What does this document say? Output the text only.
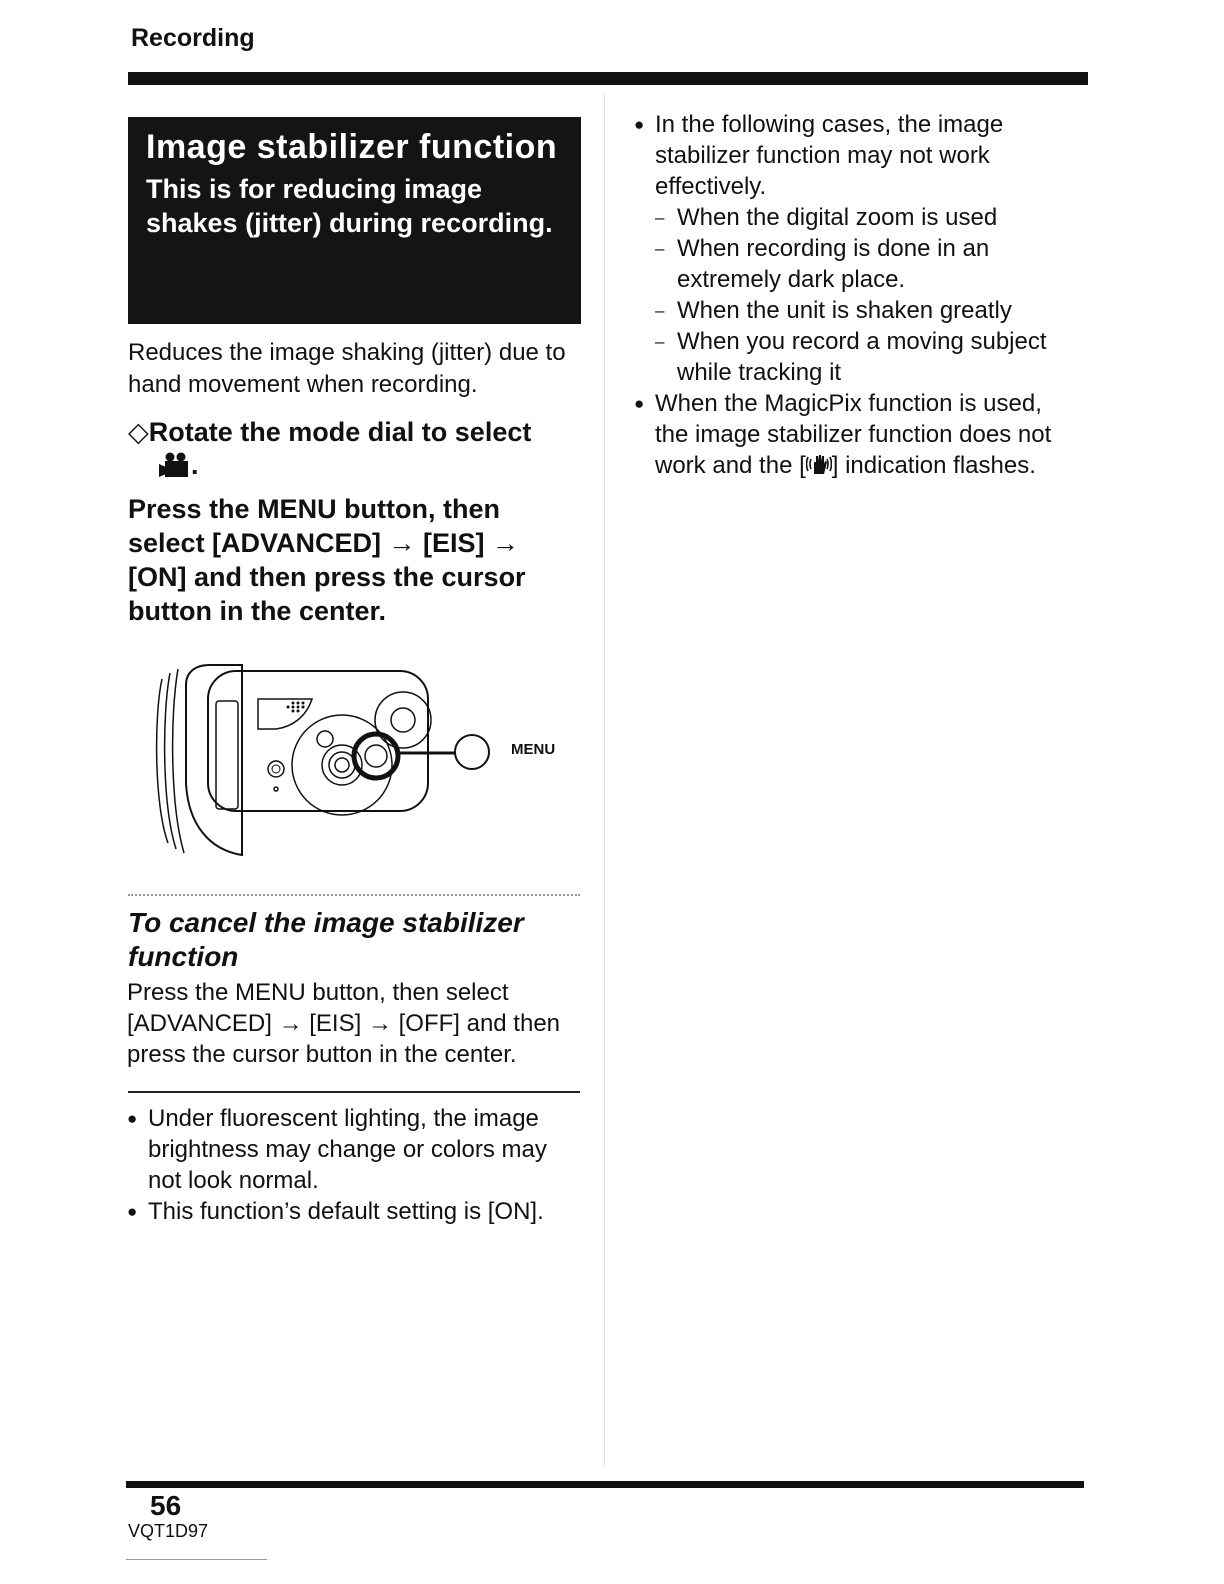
Recording
Image stabilizer function
This is for reducing image shakes (jitter) during recording.
Reduces the image shaking (jitter) due to hand movement when recording.
◇Rotate the mode dial to select
.
Press the MENU button, then select [ADVANCED] → [EIS] → [ON] and then press the cursor button in the center.
MENU
To cancel the image stabilizer function
Press the MENU button, then select [ADVANCED] → [EIS] → [OFF] and then press the cursor button in the center.
● Under fluorescent lighting, the image brightness may change or colors may not look normal.
● This function’s default setting is [ON].
● In the following cases, the image stabilizer function may not work effectively.
– When the digital zoom is used
– When recording is done in an extremely dark place.
– When the unit is shaken greatly
– When you record a moving subject while tracking it
● When the MagicPix function is used, the image stabilizer function does not work and the [ ] indication flashes.
56
VQT1D97
